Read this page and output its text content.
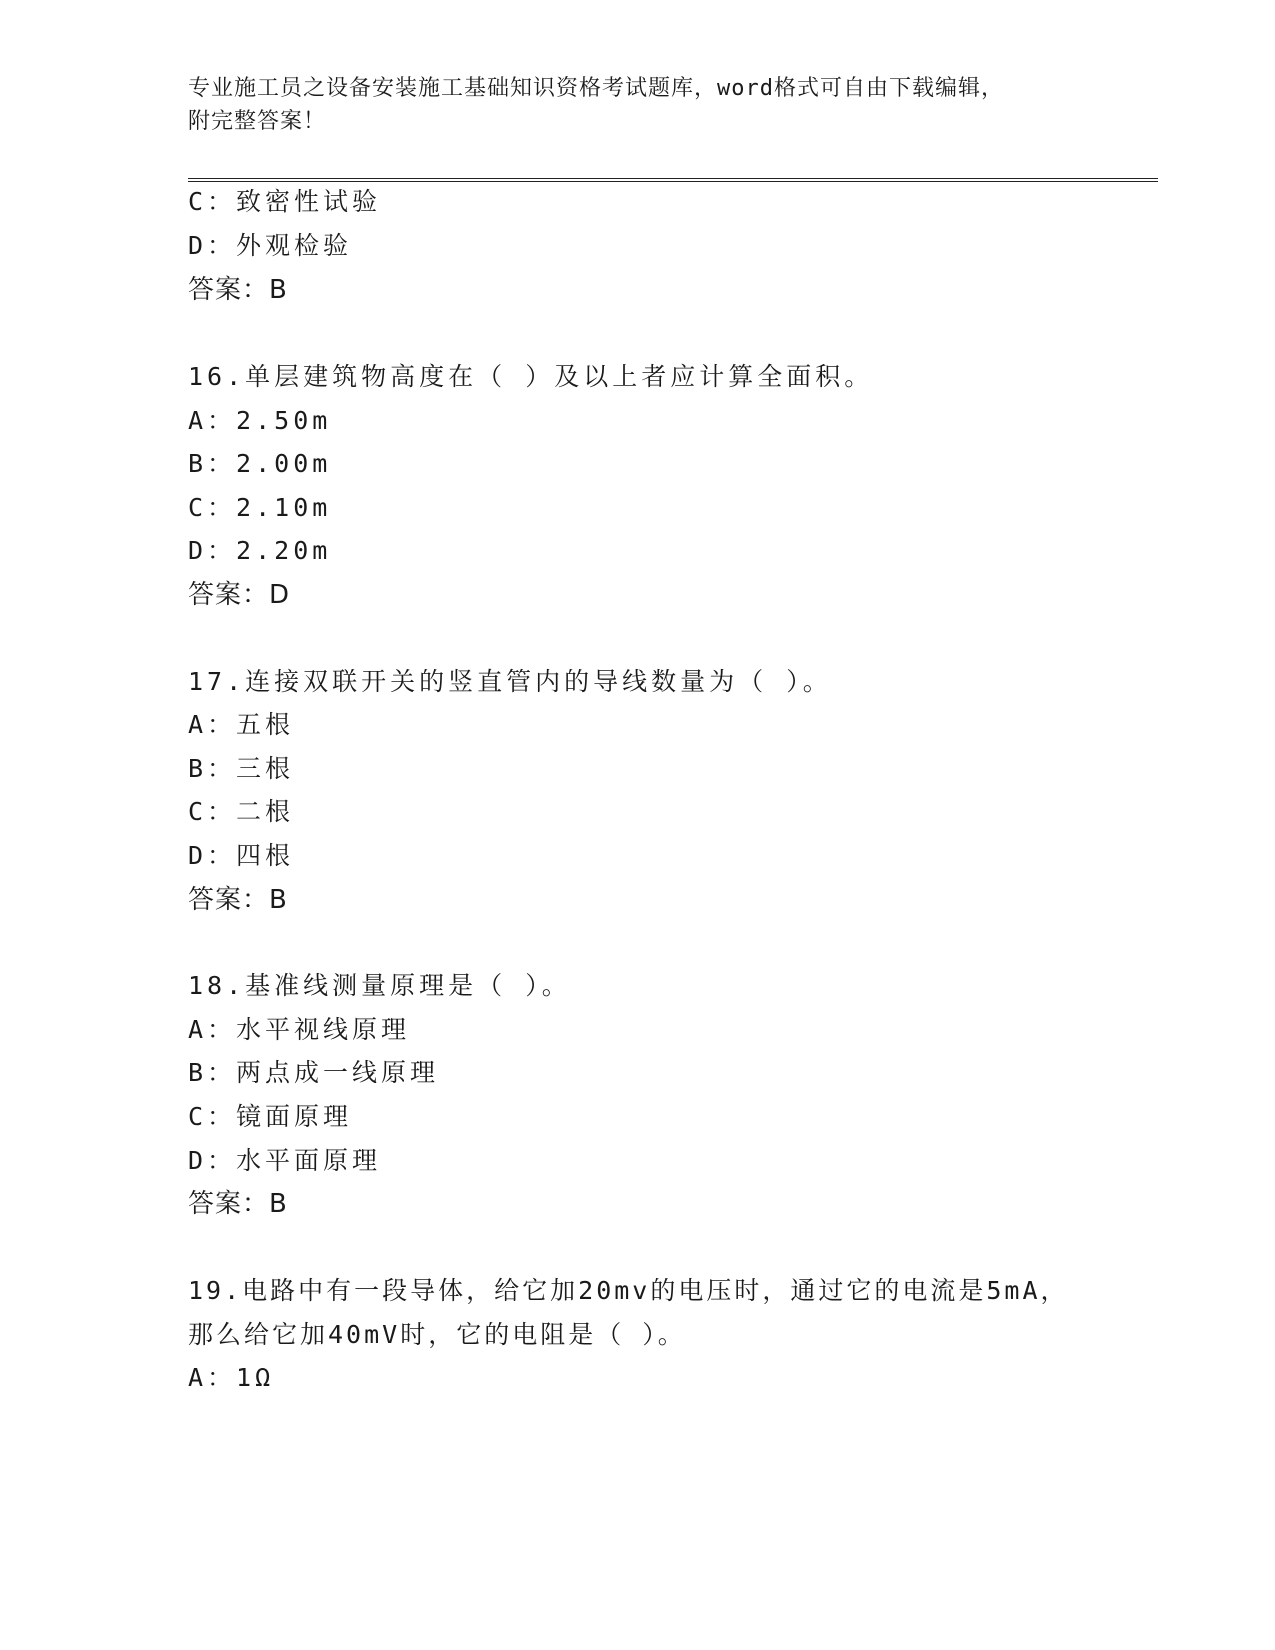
专业施工员之设备安装施工基础知识资格考试题库，word格式可自由下载编辑，
附完整答案！
C：致密性试验
D：外观检验
答案：B
16.单层建筑物高度在（ ）及以上者应计算全面积。
A：2.50m
B：2.00m
C：2.10m
D：2.20m
答案：D
17.连接双联开关的竖直管内的导线数量为（ ）。
A：五根
B：三根
C：二根
D：四根
答案：B
18.基准线测量原理是（ ）。
A：水平视线原理
B：两点成一线原理
C：镜面原理
D：水平面原理
答案：B
19.电路中有一段导体，给它加20mv的电压时，通过它的电流是5mA，
那么给它加40mV时，它的电阻是（ ）。
A：1Ω
